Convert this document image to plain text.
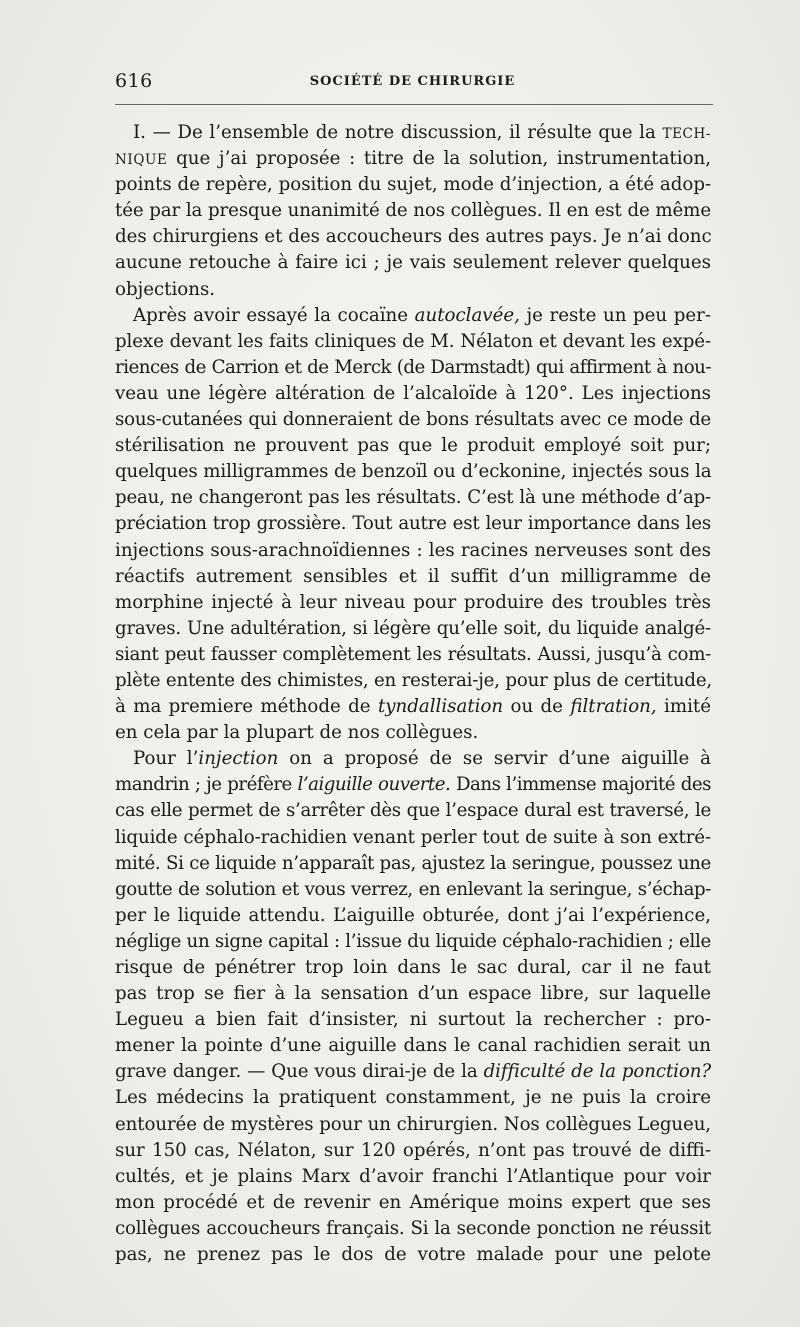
616	SOCIÉTÉ DE CHIRURGIE
I. — De l’ensemble de notre discussion, il résulte que la TECH-
NIQUE que j’ai proposée : titre de la solution, instrumentation,
points de repère, position du sujet, mode d’injection, a été adop-
tée par la presque unanimité de nos collègues. Il en est de même
des chirurgiens et des accoucheurs des autres pays. Je n’ai donc
aucune retouche à faire ici ; je vais seulement relever quelques
objections.
Après avoir essayé la cocaïne autoclavée, je reste un peu per-
plexe devant les faits cliniques de M. Nélaton et devant les expé-
riences de Carrion et de Merck (de Darmstadt) qui affirment à nou-
veau une légère altération de l’alcaloïde à 120°. Les injections
sous-cutanées qui donneraient de bons résultats avec ce mode de
stérilisation ne prouvent pas que le produit employé soit pur;
quelques milligrammes de benzoïl ou d’eckonine, injectés sous la
peau, ne changeront pas les résultats. C’est là une méthode d’ap-
préciation trop grossière. Tout autre est leur importance dans les
injections sous-arachnoïdiennes : les racines nerveuses sont des
réactifs autrement sensibles et il suffit d’un milligramme de
morphine injecté à leur niveau pour produire des troubles très
graves. Une adultération, si légère qu’elle soit, du liquide analgé-
siant peut fausser complètement les résultats. Aussi, jusqu’à com-
plète entente des chimistes, en resterai-je, pour plus de certitude,
à ma premiere méthode de tyndallisation ou de filtration, imité
en cela par la plupart de nos collègues.
Pour l’injection on a proposé de se servir d’une aiguille à
mandrin ; je préfère l’aiguille ouverte. Dans l’immense majorité des
cas elle permet de s’arrêter dès que l’espace dural est traversé, le
liquide céphalo-rachidien venant perler tout de suite à son extré-
mité. Si ce liquide n’apparaît pas, ajustez la seringue, poussez une
goutte de solution et vous verrez, en enlevant la seringue, s’échap-
per le liquide attendu. L’aiguille obturée, dont j’ai l’expérience,
néglige un signe capital : l’issue du liquide céphalo-rachidien ; elle
risque de pénétrer trop loin dans le sac dural, car il ne faut
pas trop se fier à la sensation d’un espace libre, sur laquelle
Legueu a bien fait d’insister, ni surtout la rechercher : pro-
mener la pointe d’une aiguille dans le canal rachidien serait un
grave danger. — Que vous dirai-je de la difficulté de la ponction?
Les médecins la pratiquent constamment, je ne puis la croire
entourée de mystères pour un chirurgien. Nos collègues Legueu,
sur 150 cas, Nélaton, sur 120 opérés, n’ont pas trouvé de diffi-
cultés, et je plains Marx d’avoir franchi l’Atlantique pour voir
mon procédé et de revenir en Amérique moins expert que ses
collègues accoucheurs français. Si la seconde ponction ne réussit
pas, ne prenez pas le dos de votre malade pour une pelote
